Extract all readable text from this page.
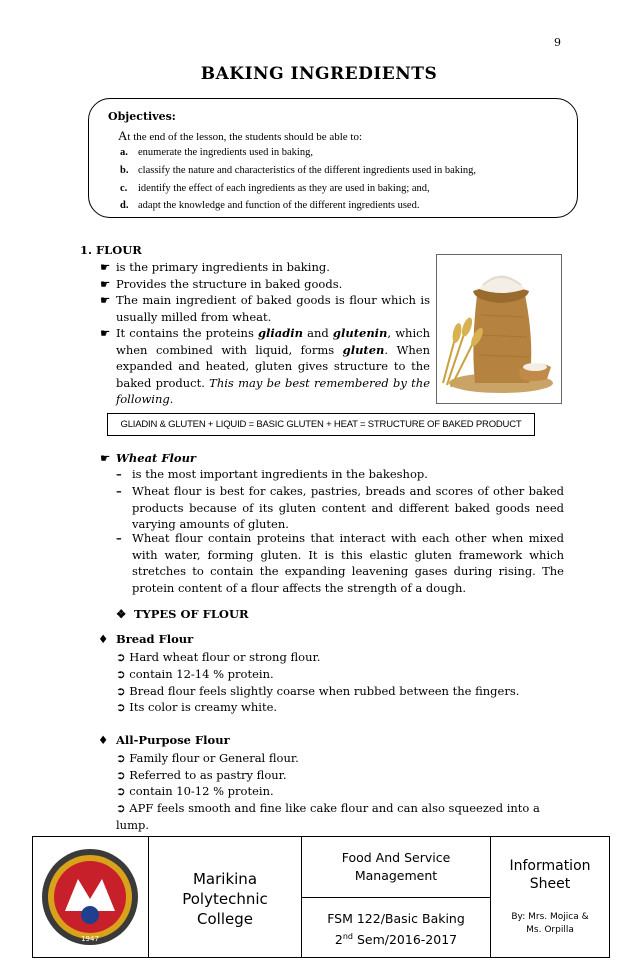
9
BAKING INGREDIENTS
Objectives:
At the end of the lesson, the students should be able to:
a. enumerate the ingredients used in baking,
b. classify the nature and characteristics of the different ingredients used in baking,
c. identify the effect of each ingredients as they are used in baking; and,
d. adapt the knowledge and function of the different ingredients used.
1. FLOUR
☛ is the primary ingredients in baking.
☛ Provides the structure in baked goods.
☛ The main ingredient of baked goods is flour which is usually milled from wheat.
☛ It contains the proteins gliadin and glutenin, which when combined with liquid, forms gluten. When expanded and heated, gluten gives structure to the baked product. This may be best remembered by the following.
GLIADIN & GLUTEN + LIQUID = BASIC GLUTEN + HEAT = STRUCTURE OF BAKED PRODUCT
☛ Wheat Flour
– is the most important ingredients in the bakeshop.
– Wheat flour is best for cakes, pastries, breads and scores of other baked products because of its gluten content and different baked goods need varying amounts of gluten.
– Wheat flour contain proteins that interact with each other when mixed with water, forming gluten. It is this elastic gluten framework which stretches to contain the expanding leavening gases during rising. The protein content of a flour affects the strength of a dough.
❖ TYPES OF FLOUR
♦ Bread Flour
➲ Hard wheat flour or strong flour.
➲ contain 12-14 % protein.
➲ Bread flour feels slightly coarse when rubbed between the fingers.
➲ Its color is creamy white.
♦ All-Purpose Flour
➲ Family flour or General flour.
➲ Referred to as pastry flour.
➲ contain 10-12 % protein.
➲ APF feels smooth and fine like cake flour and can also squeezed into a lump.
1947
Marikina
Polytechnic
College
Food And Service
Management
FSM 122/Basic Baking
2nd Sem/2016-2017
Information
Sheet
By: Mrs. Mojica &
Ms. Orpilla
